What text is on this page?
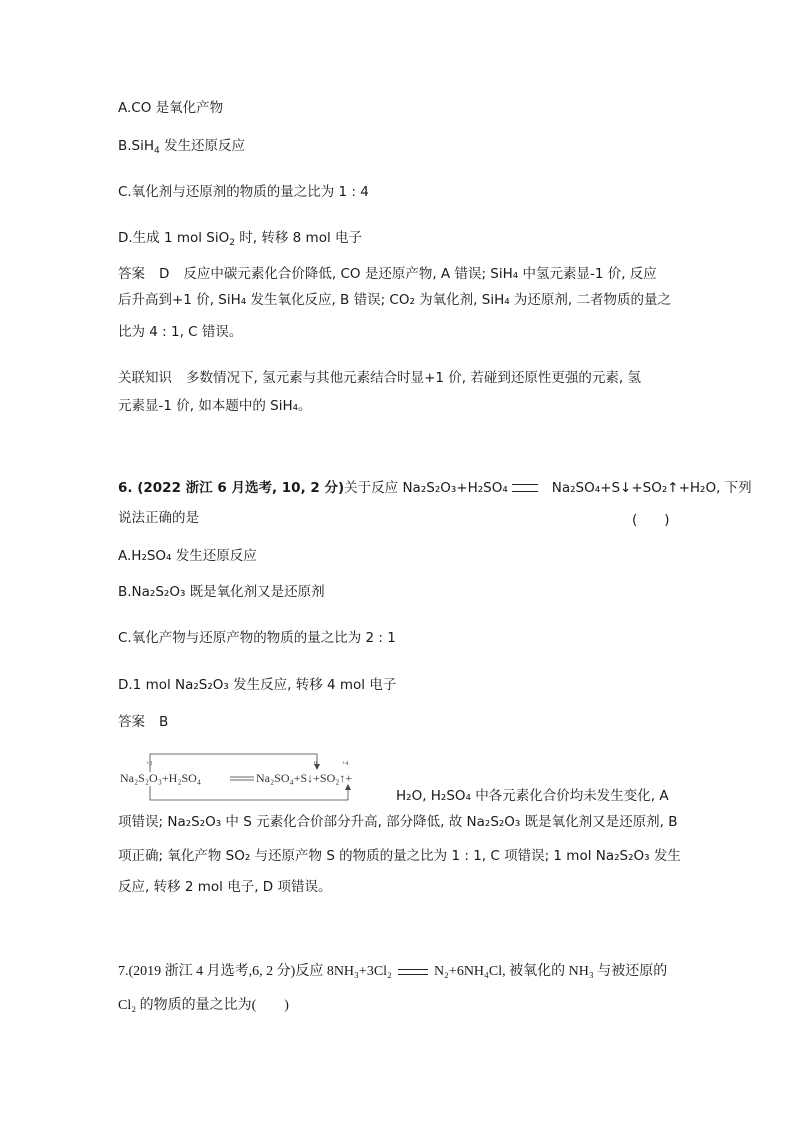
A.CO 是氧化产物
B.SiH$_4$ 发生还原反应
C.氧化剂与还原剂的物质的量之比为 1 : 4
D.生成 1 mol SiO$_2$ 时, 转移 8 mol 电子
答案 D 反应中碳元素化合价降低, CO 是还原产物, A 错误; SiH₄ 中氢元素显-1 价, 反应
后升高到+1 价, SiH₄ 发生氧化反应, B 错误; CO₂ 为氧化剂, SiH₄ 为还原剂, 二者物质的量之
比为 4 : 1, C 错误。
关联知识 多数情况下, 氢元素与其他元素结合时显+1 价, 若碰到还原性更强的元素, 氢
元素显-1 价, 如本题中的 SiH₄。
6. (2022 浙江 6 月选考, 10, 2 分)关于反应 Na₂S₂O₃+H₂SO₄	Na₂SO₄+S↓+SO₂↑+H₂O, 下列
说法正确的是	(　　)
A.H₂SO₄ 发生还原反应
B.Na₂S₂O₃ 既是氧化剂又是还原剂
C.氧化产物与还原产物的物质的量之比为 2 : 1
D.1 mol Na₂S₂O₃ 发生反应, 转移 4 mol 电子
答案 B
+2	0	+4
Na₂S₂O₃+H₂SO₄	Na₂SO₄+S↓+SO₂↑+
H₂O, H₂SO₄ 中各元素化合价均未发生变化, A
项错误; Na₂S₂O₃ 中 S 元素化合价部分升高, 部分降低, 故 Na₂S₂O₃ 既是氧化剂又是还原剂, B
项正确; 氧化产物 SO₂ 与还原产物 S 的物质的量之比为 1 : 1, C 项错误; 1 mol Na₂S₂O₃ 发生
反应, 转移 2 mol 电子, D 项错误。
7.(2019 浙江 4 月选考,6, 2 分)反应 8NH₃+3Cl₂	N₂+6NH₄Cl, 被氧化的 NH₃ 与被还原的
Cl₂ 的物质的量之比为(　　)
